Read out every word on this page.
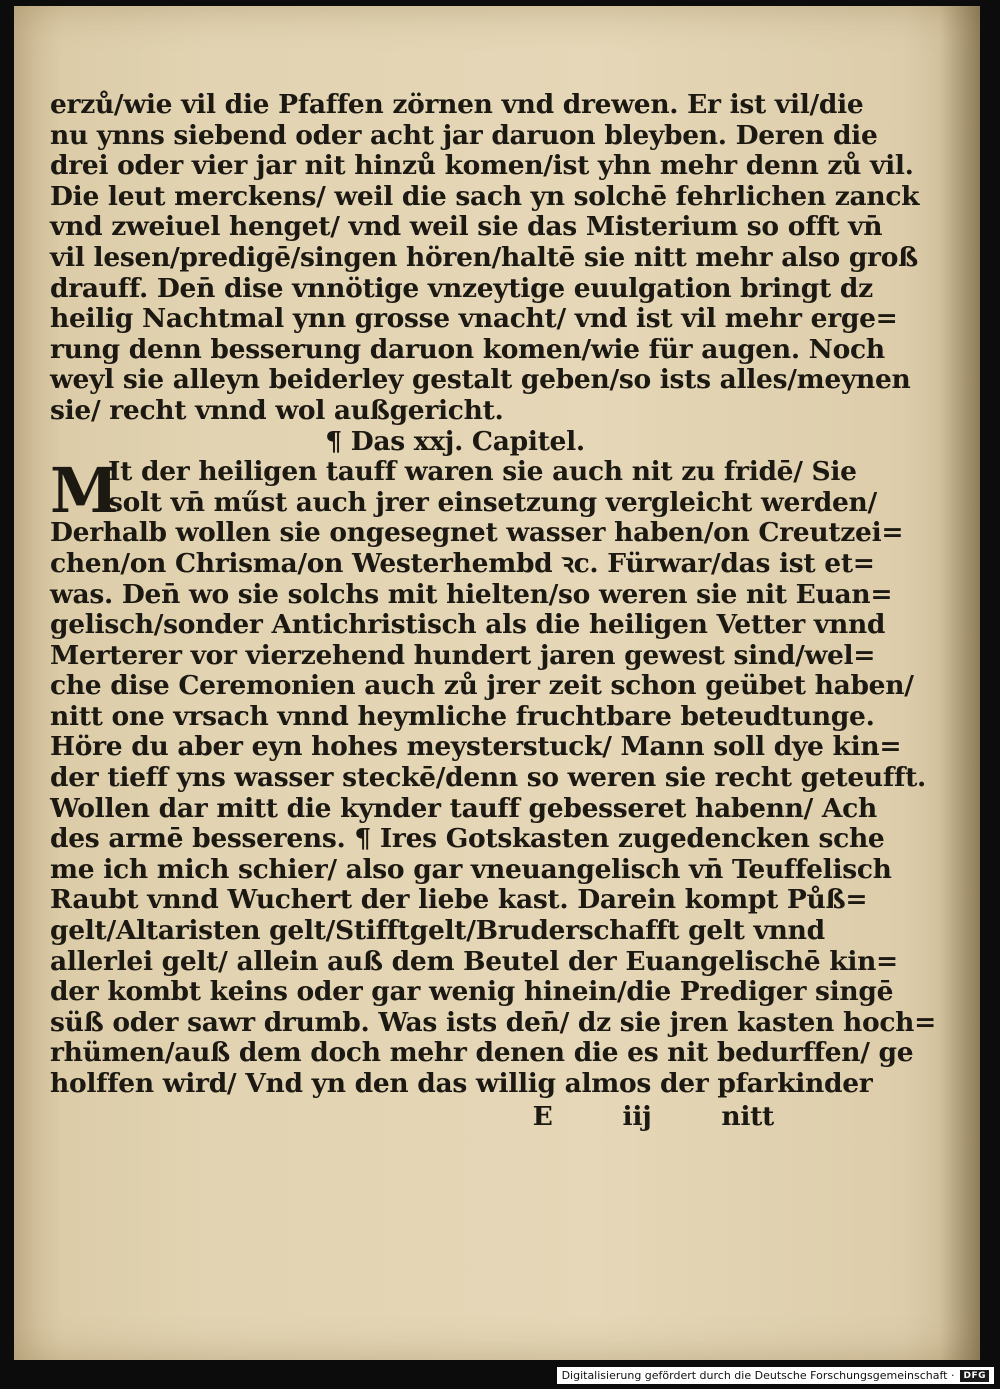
erzů/wie vil die Pfaffen zörnen vnd drewen. Er ist vil/die
nu ynns siebend oder acht jar daruon bleyben. Deren die
drei oder vier jar nit hinzů komen/ist yhn mehr denn zů vil.
Die leut merckens/ weil die sach yn solchē fehrlichen zanck
vnd zweiuel henget/ vnd weil sie das Misterium so offt vn̄
vil lesen/predigē/singen hören/haltē sie nitt mehr also groß
drauff. Den̄ dise vnnötige vnzeytige euulgation bringt dz
heilig Nachtmal ynn grosse vnacht/ vnd ist vil mehr erge=
rung denn besserung daruon komen/wie für augen. Noch
weyl sie alleyn beiderley gestalt geben/so ists alles/meynen
sie/ recht vnnd wol außgericht.
¶ Das xxj. Capitel.
M
It der heiligen tauff waren sie auch nit zu fridē/ Sie
solt vn̄ műst auch jrer einsetzung vergleicht werden/
Derhalb wollen sie ongesegnet wasser haben/on Creutzei=
chen/on Chrisma/on Westerhembd ꝛc. Fürwar/das ist et=
was. Den̄ wo sie solchs mit hielten/so weren sie nit Euan=
gelisch/sonder Antichristisch als die heiligen Vetter vnnd
Merterer vor vierzehend hundert jaren gewest sind/wel=
che dise Ceremonien auch zů jrer zeit schon geübet haben/
nitt one vrsach vnnd heymliche fruchtbare beteudtunge.
Höre du aber eyn hohes meysterstuck/ Mann soll dye kin=
der tieff yns wasser steckē/denn so weren sie recht geteufft.
Wollen dar mitt die kynder tauff gebesseret habenn/ Ach
des armē besserens. ¶ Ires Gotskasten zugedencken sche
me ich mich schier/ also gar vneuangelisch vn̄ Teuffelisch
Raubt vnnd Wuchert der liebe kast. Darein kompt Půß=
gelt/Altaristen gelt/Stifftgelt/Bruderschafft gelt vnnd
allerlei gelt/ allein auß dem Beutel der Euangelischē kin=
der kombt keins oder gar wenig hinein/die Prediger singē
süß oder sawr drumb. Was ists den̄/ dz sie jren kasten hoch=
rhümen/auß dem doch mehr denen die es nit bedurffen/ ge
holffen wird/ Vnd yn den das willig almos der pfarkinder
E	iij	nitt
Digitalisierung gefördert durch die Deutsche Forschungsgemeinschaft ·	DFG
